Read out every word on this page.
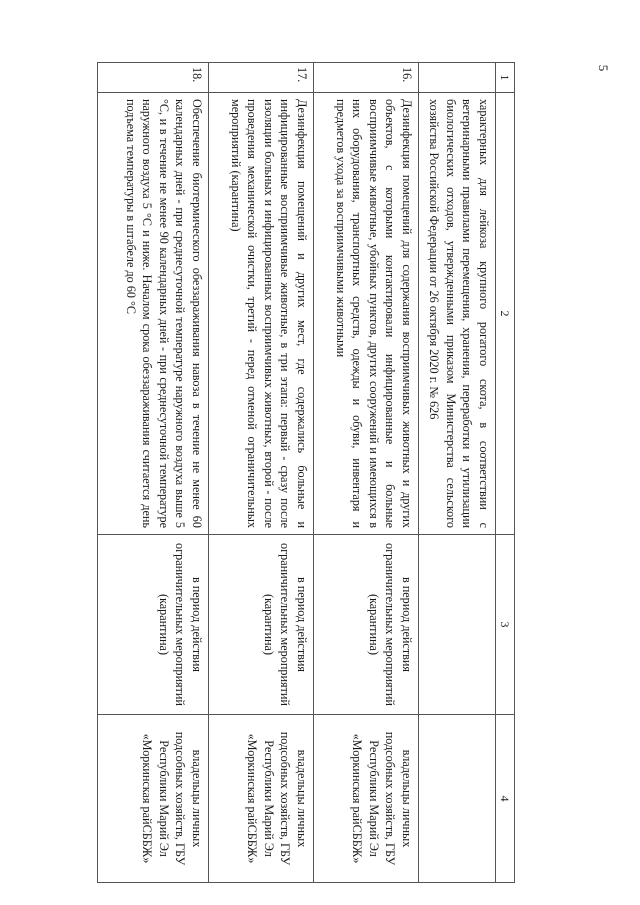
5
1	2	3	4
	характерных для лейкоза крупного рогатого скота, в соответствии с ветеринарными правилами перемещения, хранения, переработки и утилизации биологических отходов, утвержденными приказом Министерства сельского хозяйства Российской Федерации от 26 октября 2020 г. № 626		
16.	Дезинфекция помещений для содержания восприимчивых животных и других объектов, с которыми контактировали инфицированные и больные восприимчивые животные, убойных пунктов, других сооружений и имеющихся в них оборудования, транспортных средств, одежды и обуви, инвентаря и предметов ухода за восприимчивыми животными	в период действия ограничительных мероприятий (карантина)	владельцы личных подсобных хозяйств, ГБУ Республики Марий Эл «Моркинская райСББЖ»
17.	Дезинфекция помещений и других мест, где содержались больные и инфицированные восприимчивые животные, в три этапа: первый - сразу после изоляции больных и инфицированных восприимчивых животных, второй - после проведения механической очистки, третий - перед отменой ограничительных мероприятий (карантина)	в период действия ограничительных мероприятий (карантина)	владельцы личных подсобных хозяйств, ГБУ Республики Марий Эл «Моркинская райСББЖ»
18.	Обеспечение биотермического обеззараживания навоза в течение не менее 60 календарных дней - при среднесуточной температуре наружного воздуха выше 5 °С, и в течение не менее 90 календарных дней - при среднесуточной температуре наружного воздуха 5 °С и ниже. Началом срока обеззараживания считается день подъема температуры в штабеле до 60 °С	в период действия ограничительных мероприятий (карантина)	владельцы личных подсобных хозяйств, ГБУ Республики Марий Эл «Моркинская райСББЖ»
